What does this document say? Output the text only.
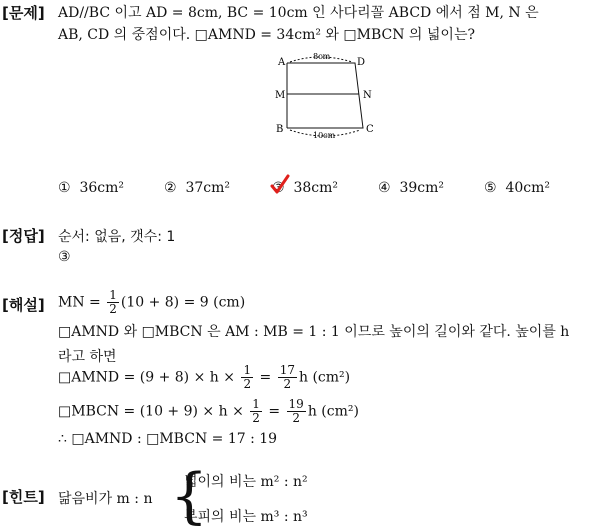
[문제] AD//BC 이고 AD = 8cm, BC = 10cm 인 사다리꼴 ABCD 에서 점 M, N 은
AB, CD 의 중점이다. □AMND = 34cm² 와 □MBCN 의 넓이는?
A	D
M	N
B	C
8cm
10cm
① 36cm²	② 37cm²	③ 38cm²	④ 39cm²	⑤ 40cm²
[정답] 순서: 없음, 갯수: 1
③
[해설] MN = $\frac{1}{2} (10 + 8) = 9$ (cm)
□AMND 와 □MBCN 은 AM : MB = 1 : 1 이므로 높이의 길이와 같다. 높이를 h
라고 하면
□AMND = $(9 + 8) \times h \times \frac{1}{2} = \frac{17}{2}$ h (cm²)
□MBCN = $(10 + 9) \times h \times \frac{1}{2} = \frac{19}{2}$ h (cm²)
∴ □AMND : □MBCN = 17 : 19
[힌트] 닮음비가 m : n {
넓이의 비는 m² : n²
부피의 비는 m³ : n³
